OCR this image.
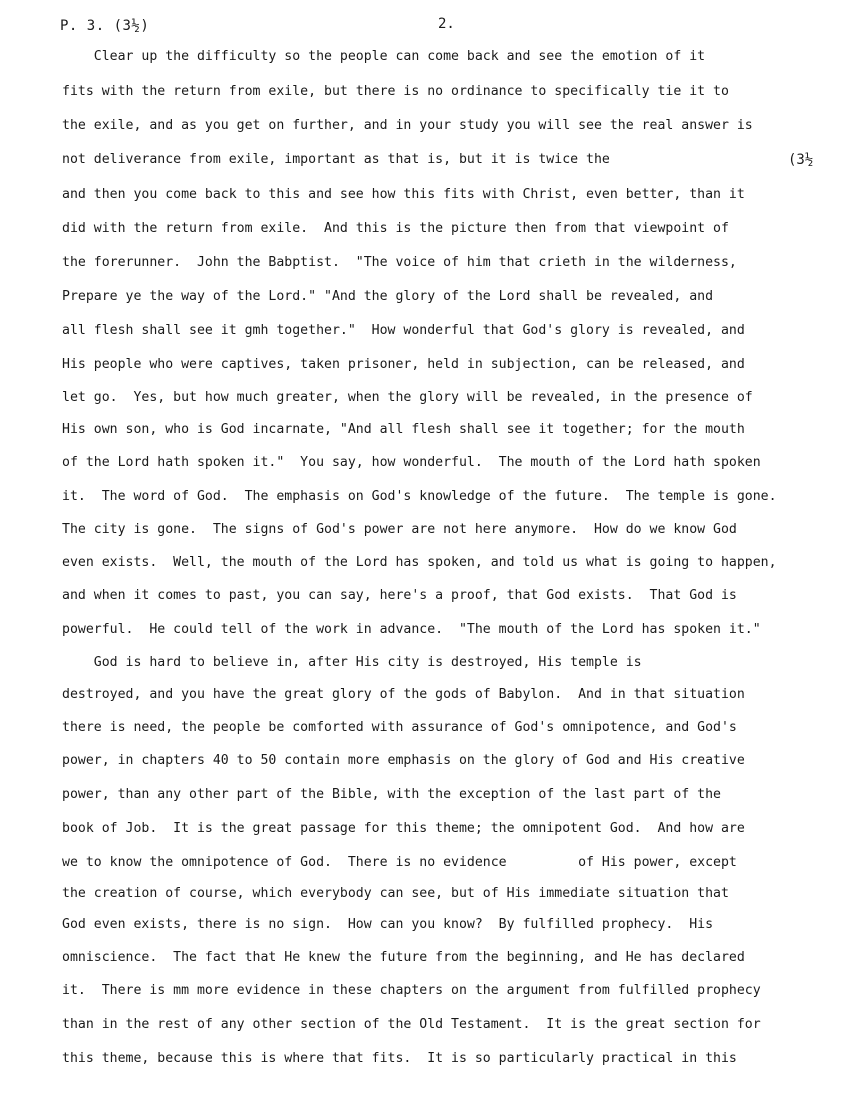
P. 3. (3½)	2.
(3½
Clear up the difficulty so the people can come back and see the emotion of it
fits with the return from exile, but there is no ordinance to specifically tie it to
the exile, and as you get on further, and in your study you will see the real answer is
not deliverance from exile, important as that is, but it is twice the
and then you come back to this and see how this fits with Christ, even better, than it
did with the return from exile.  And this is the picture then from that viewpoint of
the forerunner.  John the Babptist.  "The voice of him that crieth in the wilderness,
Prepare ye the way of the Lord." "And the glory of the Lord shall be revealed, and
all flesh shall see it gmh together."  How wonderful that God's glory is revealed, and
His people who were captives, taken prisoner, held in subjection, can be released, and
let go.  Yes, but how much greater, when the glory will be revealed, in the presence of
His own son, who is God incarnate, "And all flesh shall see it together; for the mouth
of the Lord hath spoken it."  You say, how wonderful.  The mouth of the Lord hath spoken
it.  The word of God.  The emphasis on God's knowledge of the future.  The temple is gone.
The city is gone.  The signs of God's power are not here anymore.  How do we know God
even exists.  Well, the mouth of the Lord has spoken, and told us what is going to happen,
and when it comes to past, you can say, here's a proof, that God exists.  That God is
powerful.  He could tell of the work in advance.  "The mouth of the Lord has spoken it."
God is hard to believe in, after His city is destroyed, His temple is
destroyed, and you have the great glory of the gods of Babylon.  And in that situation
there is need, the people be comforted with assurance of God's omnipotence, and God's
power, in chapters 40 to 50 contain more emphasis on the glory of God and His creative
power, than any other part of the Bible, with the exception of the last part of the
book of Job.  It is the great passage for this theme; the omnipotent God.  And how are
we to know the omnipotence of God.  There is no evidence         of His power, except
the creation of course, which everybody can see, but of His immediate situation that
God even exists, there is no sign.  How can you know?  By fulfilled prophecy.  His
omniscience.  The fact that He knew the future from the beginning, and He has declared
it.  There is mm more evidence in these chapters on the argument from fulfilled prophecy
than in the rest of any other section of the Old Testament.  It is the great section for
this theme, because this is where that fits.  It is so particularly practical in this
